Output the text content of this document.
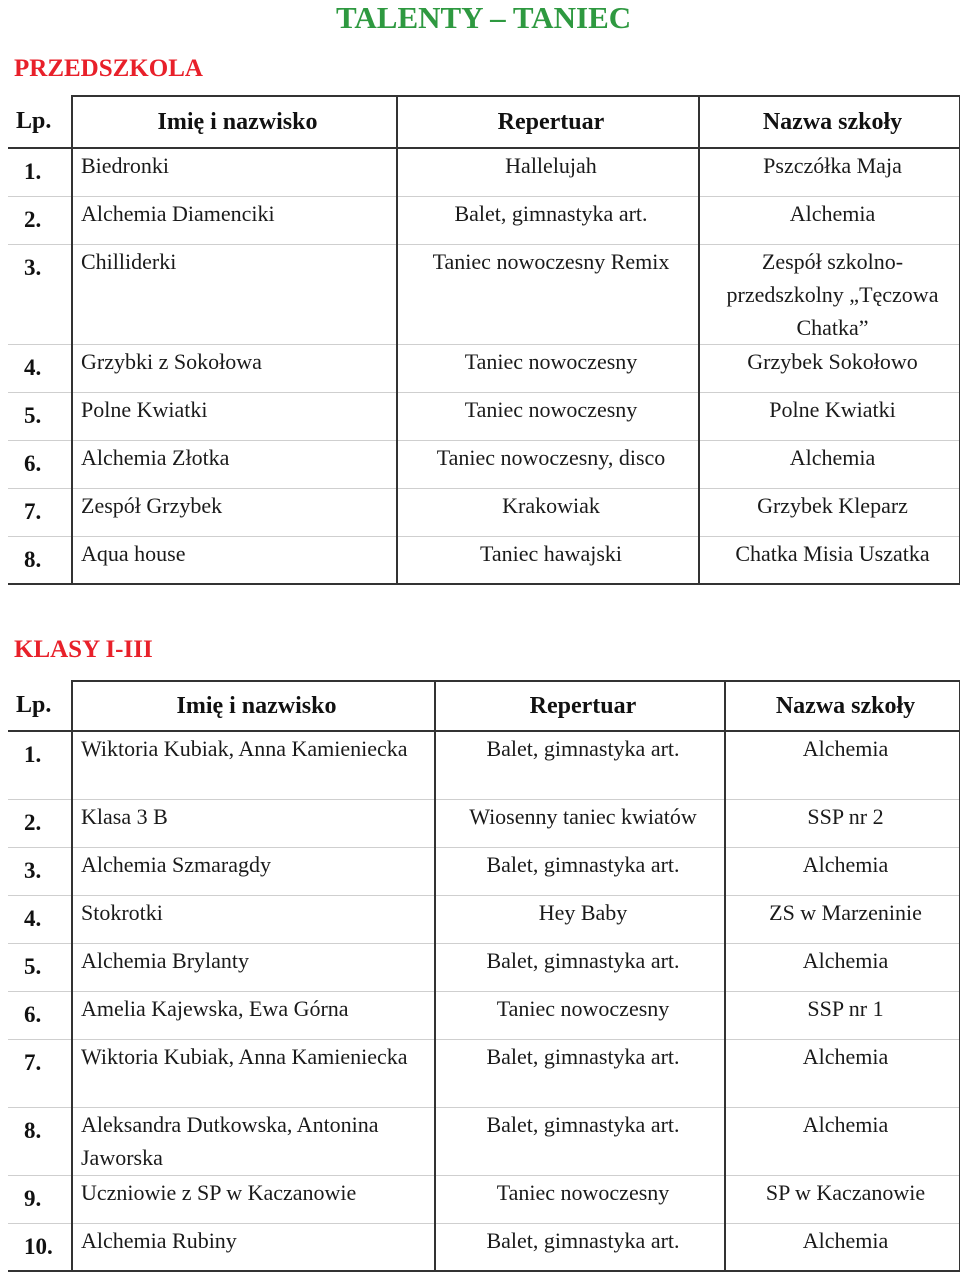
TALENTY – TANIEC
PRZEDSZKOLA
Lp.	Imię i nazwisko	Repertuar	Nazwa szkoły
1.	Biedronki	Hallelujah	Pszczółka Maja
2.	Alchemia Diamenciki	Balet, gimnastyka art.	Alchemia
3.	Chilliderki	Taniec nowoczesny Remix	Zespół szkolno-przedszkolny „Tęczowa Chatka”
4.	Grzybki z Sokołowa	Taniec nowoczesny	Grzybek Sokołowo
5.	Polne Kwiatki	Taniec nowoczesny	Polne Kwiatki
6.	Alchemia Złotka	Taniec nowoczesny, disco	Alchemia
7.	Zespół Grzybek	Krakowiak	Grzybek Kleparz
8.	Aqua house	Taniec hawajski	Chatka Misia Uszatka
KLASY I-III
Lp.	Imię i nazwisko	Repertuar	Nazwa szkoły
1.	Wiktoria Kubiak, Anna Kamieniecka	Balet, gimnastyka art.	Alchemia
2.	Klasa 3 B	Wiosenny taniec kwiatów	SSP nr 2
3.	Alchemia Szmaragdy	Balet, gimnastyka art.	Alchemia
4.	Stokrotki	Hey Baby	ZS w Marzeninie
5.	Alchemia Brylanty	Balet, gimnastyka art.	Alchemia
6.	Amelia Kajewska, Ewa Górna	Taniec nowoczesny	SSP nr 1
7.	Wiktoria Kubiak, Anna Kamieniecka	Balet, gimnastyka art.	Alchemia
8.	Aleksandra Dutkowska, Antonina Jaworska	Balet, gimnastyka art.	Alchemia
9.	Uczniowie z SP w Kaczanowie	Taniec nowoczesny	SP w Kaczanowie
10.	Alchemia Rubiny	Balet, gimnastyka art.	Alchemia
